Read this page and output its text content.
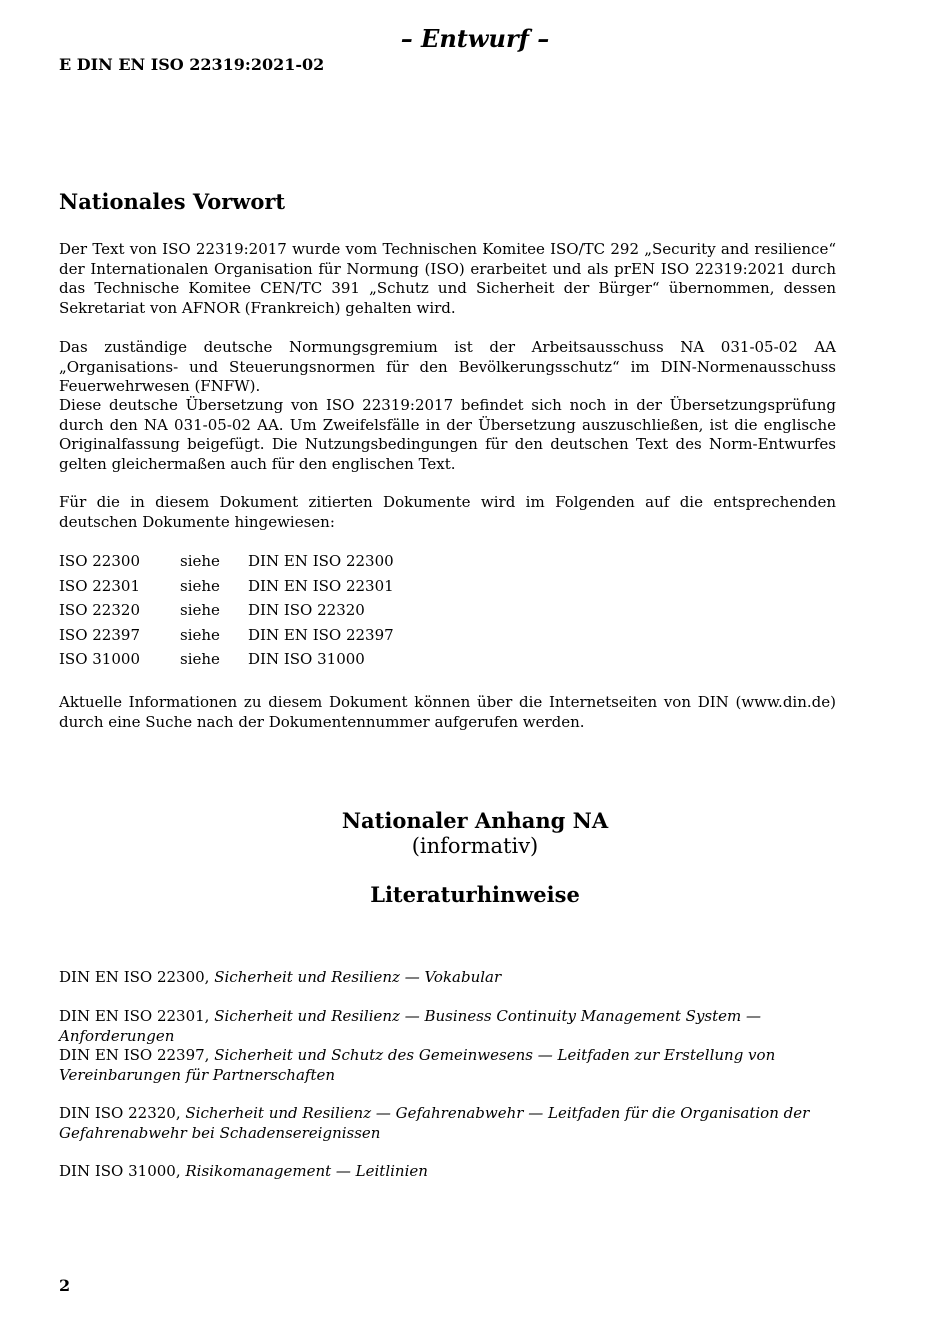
– Entwurf –
E DIN EN ISO 22319:2021-02
Nationales Vorwort

Der Text von ISO 22319:2017 wurde vom Technischen Komitee ISO/TC 292 „Security and resilience“ der Internationalen Organisation für Normung (ISO) erarbeitet und als prEN ISO 22319:2021 durch das Technische Komitee CEN/TC 391 „Schutz und Sicherheit der Bürger“ übernommen, dessen Sekretariat von AFNOR (Frankreich) gehalten wird.

Das zuständige deutsche Normungsgremium ist der Arbeitsausschuss NA 031-05-02 AA „Organisations- und Steuerungsnormen für den Bevölkerungsschutz“ im DIN-Normenausschuss Feuerwehrwesen (FNFW).

Diese deutsche Übersetzung von ISO 22319:2017 befindet sich noch in der Übersetzungsprüfung durch den NA 031-05-02 AA. Um Zweifelsfälle in der Übersetzung auszuschließen, ist die englische Originalfassung beigefügt. Die Nutzungsbedingungen für den deutschen Text des Norm-Entwurfes gelten gleichermaßen auch für den englischen Text.

Für die in diesem Dokument zitierten Dokumente wird im Folgenden auf die entsprechenden deutschen Dokumente hingewiesen:

ISO 22300	siehe DIN EN ISO 22300
ISO 22301	siehe DIN EN ISO 22301
ISO 22320	siehe DIN ISO 22320
ISO 22397	siehe DIN EN ISO 22397
ISO 31000	siehe DIN ISO 31000

Aktuelle Informationen zu diesem Dokument können über die Internetseiten von DIN (www.din.de) durch eine Suche nach der Dokumentennummer aufgerufen werden.

Nationaler Anhang NA
(informativ)
Literaturhinweise

DIN EN ISO 22300, Sicherheit und Resilienz — Vokabular

DIN EN ISO 22301, Sicherheit und Resilienz — Business Continuity Management System — Anforderungen

DIN EN ISO 22397, Sicherheit und Schutz des Gemeinwesens — Leitfaden zur Erstellung von Vereinbarungen für Partnerschaften

DIN ISO 22320, Sicherheit und Resilienz — Gefahrenabwehr — Leitfaden für die Organisation der Gefahrenabwehr bei Schadensereignissen

DIN ISO 31000, Risikomanagement — Leitlinien

2
